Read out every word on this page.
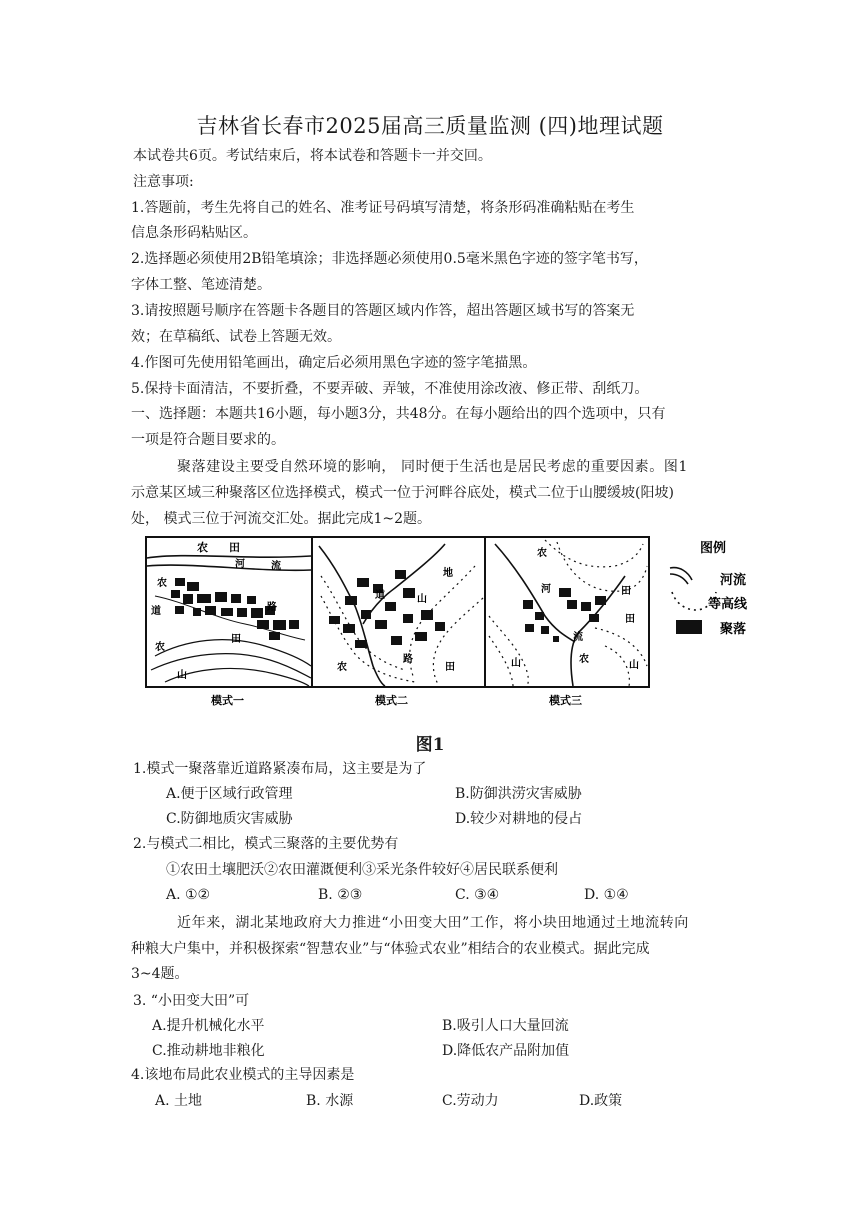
吉林省长春市2025届高三质量监测 (四)地理试题
本试卷共6页。考试结束后，将本试卷和答题卡一并交回。
注意事项:
1.答题前，考生先将自己的姓名、准考证号码填写清楚，将条形码准确粘贴在考生
信息条形码粘贴区。
2.选择题必须使用2B铅笔填涂；非选择题必须使用0.5毫米黑色字迹的签字笔书写，
字体工整、笔迹清楚。
3.请按照题号顺序在答题卡各题目的答题区域内作答，超出答题区域书写的答案无
效；在草稿纸、试卷上答题无效。
4.作图可先使用铅笔画出，确定后必须用黑色字迹的签字笔描黑。
5.保持卡面清洁，不要折叠，不要弄破、弄皱，不准使用涂改液、修正带、刮纸刀。
一、选择题：本题共16小题，每小题3分，共48分。在每小题给出的四个选项中，只有
一项是符合题目要求的。
聚落建设主要受自然环境的影响， 同时便于生活也是居民考虑的重要因素。图1
示意某区域三种聚落区位选择模式，模式一位于河畔谷底处，模式二位于山腰缓坡(阳坡)
处， 模式三位于河流交汇处。据此完成1~2题。
农 田
河	流
农
道	路
田
农
山
模式一
地
道	山
路
农	田
模式二
农
河	田
流
山	农
田
山
模式三
图例
河流
等高线
聚落
图1
1.模式一聚落靠近道路紧凑布局，这主要是为了
A.便于区域行政管理	B.防御洪涝灾害威胁
C.防御地质灾害威胁	D.较少对耕地的侵占
2.与模式二相比，模式三聚落的主要优势有
①农田土壤肥沃②农田灌溉便利③采光条件较好④居民联系便利
A. ①②	B. ②③	C. ③④	D. ①④
近年来，湖北某地政府大力推进“小田变大田”工作，将小块田地通过土地流转向
种粮大户集中，并积极探索“智慧农业”与“体验式农业”相结合的农业模式。据此完成
3~4题。
3. “小田变大田”可
A.提升机械化水平	B.吸引人口大量回流
C.推动耕地非粮化	D.降低农产品附加值
4.该地布局此农业模式的主导因素是
A. 土地	B. 水源	C.劳动力	D.政策
